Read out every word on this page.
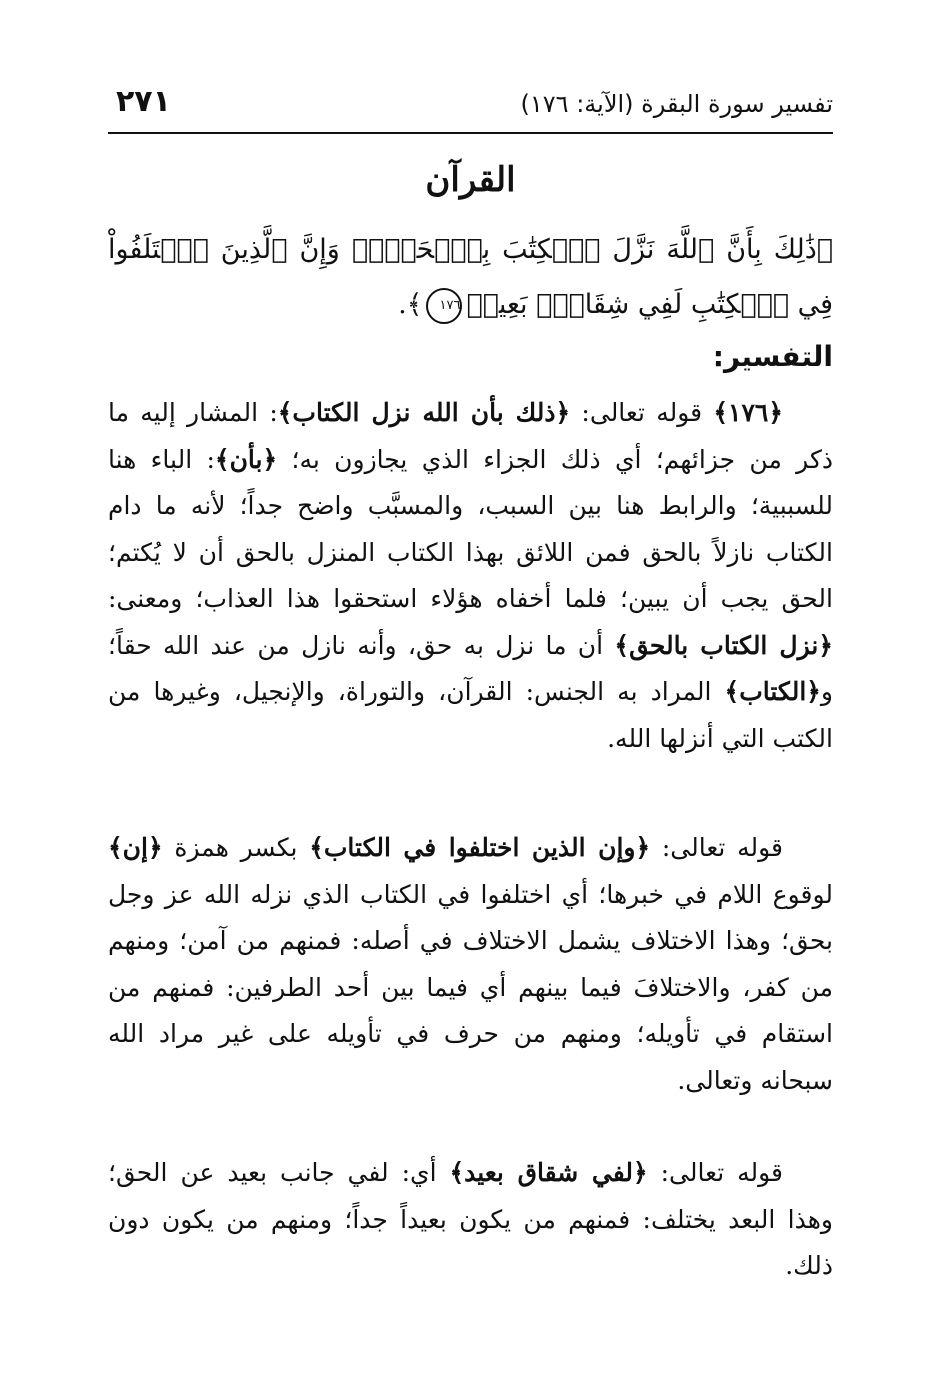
تفسير سورة البقرة (الآية: ١٧٦)
٢٧١
القرآن
﴿ذَٰلِكَ بِأَنَّ ٱللَّهَ نَزَّلَ ٱلۡكِتَٰبَ بِٱلۡحَقِّۗ وَإِنَّ ٱلَّذِينَ ٱخۡتَلَفُواْ فِي ٱلۡكِتَٰبِ لَفِي شِقَاقِۭ بَعِيدٖ١٧٦﴾.
التفسير:

﴿١٧٦﴾ قوله تعالى: ﴿ذلك بأن الله نزل الكتاب﴾: المشار إليه ما ذكر من جزائهم؛ أي ذلك الجزاء الذي يجازون به؛ ﴿بأن﴾: الباء هنا للسببية؛ والرابط هنا بين السبب، والمسبَّب واضح جداً؛ لأنه ما دام الكتاب نازلاً بالحق فمن اللائق بهذا الكتاب المنزل بالحق أن لا يُكتم؛ الحق يجب أن يبين؛ فلما أخفاه هؤلاء استحقوا هذا العذاب؛ ومعنى: ﴿نزل الكتاب بالحق﴾ أن ما نزل به حق، وأنه نازل من عند الله حقاً؛ و﴿الكتاب﴾ المراد به الجنس: القرآن، والتوراة، والإنجيل، وغيرها من الكتب التي أنزلها الله.

قوله تعالى: ﴿وإن الذين اختلفوا في الكتاب﴾ بكسر همزة ﴿إن﴾ لوقوع اللام في خبرها؛ أي اختلفوا في الكتاب الذي نزله الله عز وجل بحق؛ وهذا الاختلاف يشمل الاختلاف في أصله: فمنهم من آمن؛ ومنهم من كفر، والاختلافَ فيما بينهم أي فيما بين أحد الطرفين: فمنهم من استقام في تأويله؛ ومنهم من حرف في تأويله على غير مراد الله سبحانه وتعالى.

قوله تعالى: ﴿لفي شقاق بعيد﴾ أي: لفي جانب بعيد عن الحق؛ وهذا البعد يختلف: فمنهم من يكون بعيداً جداً؛ ومنهم من يكون دون ذلك.
